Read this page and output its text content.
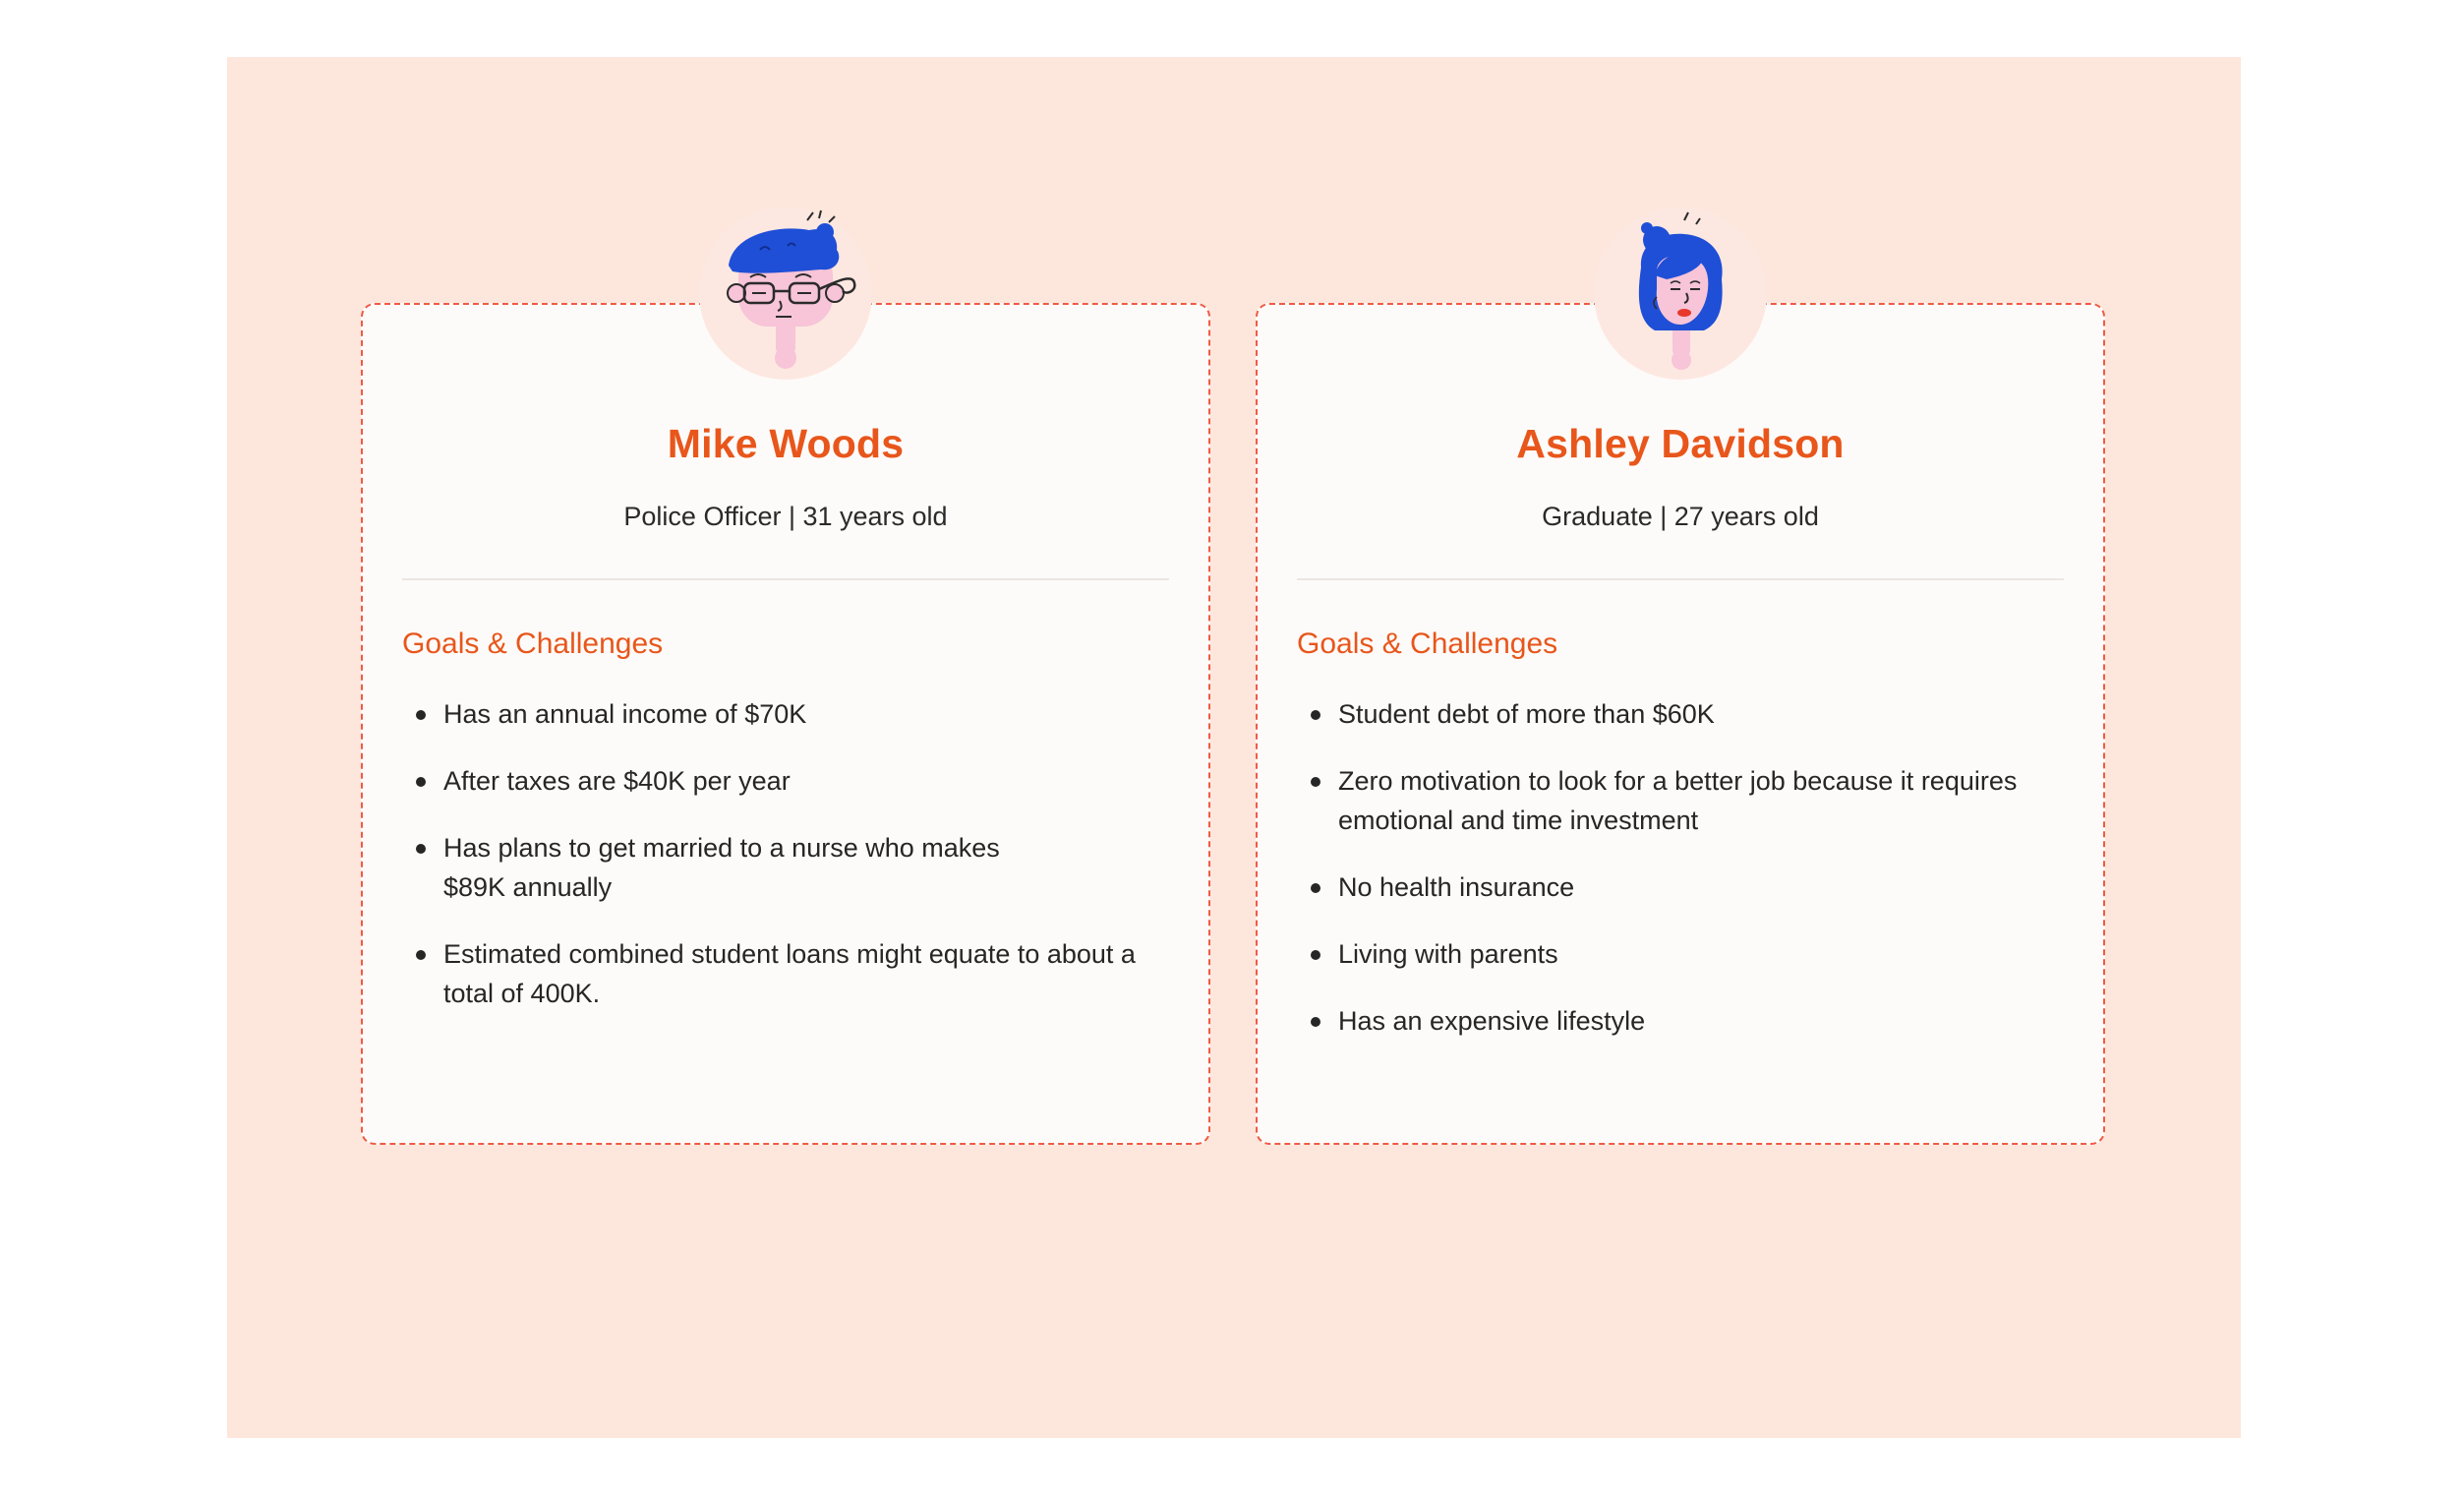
Mike Woods
Police Officer | 31 years old
Goals & Challenges
Has an annual income of $70K
After taxes are $40K per year
Has plans to get married to a nurse who makes $89K annually
Estimated combined student loans might equate to about a total of 400K.
Ashley Davidson
Graduate | 27 years old
Goals & Challenges
Student debt of more than $60K
Zero motivation to look for a better job because it requires emotional and time investment
No health insurance
Living with parents
Has an expensive lifestyle
